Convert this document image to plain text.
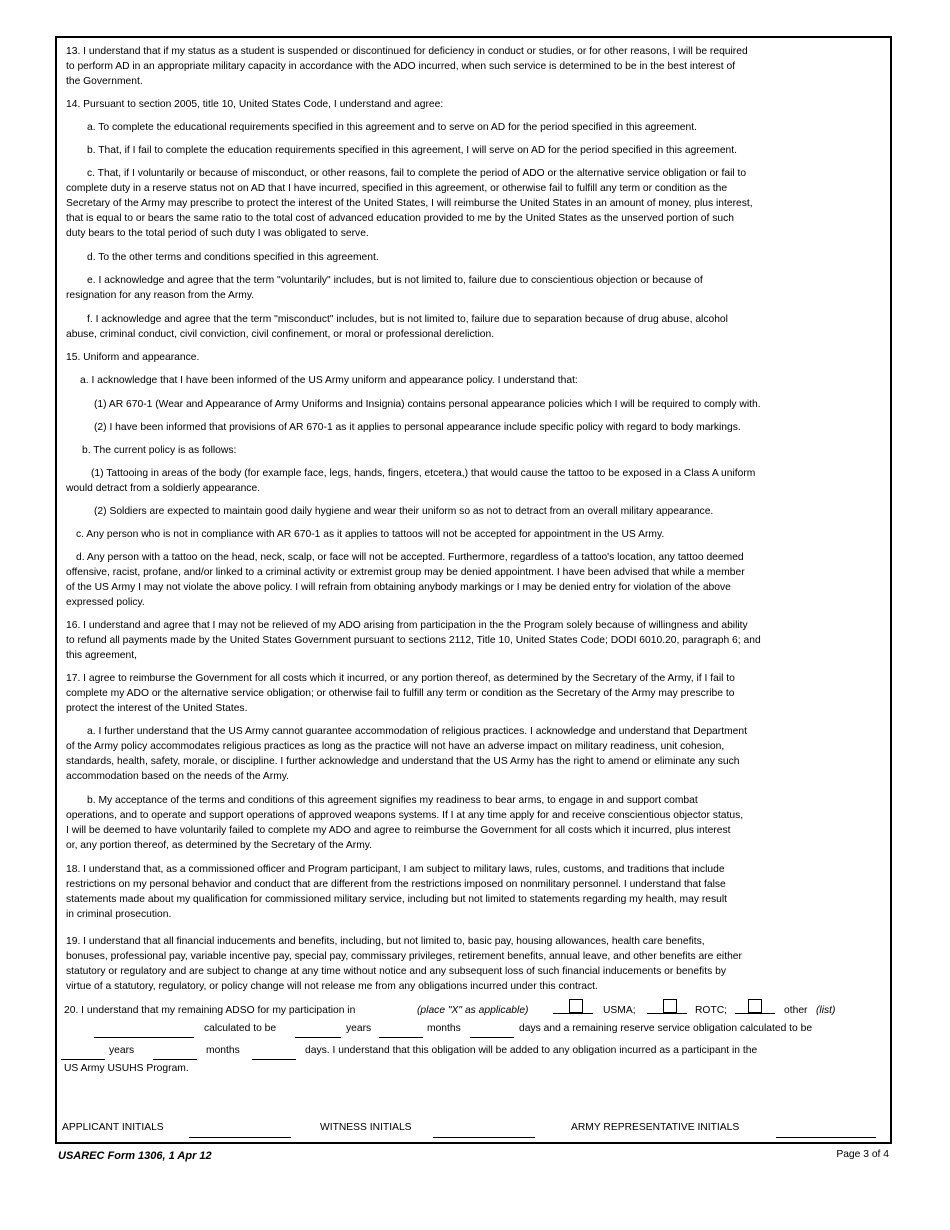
13. I understand that if my status as a student is suspended or discontinued for deficiency in conduct or studies, or for other reasons, I will be required
to perform AD in an appropriate military capacity in accordance with the ADO incurred, when such service is determined to be in the best interest of
the Government.
14. Pursuant to section 2005, title 10, United States Code, I understand and agree:
a. To complete the educational requirements specified in this agreement and to serve on AD for the period specified in this agreement.
b. That, if I fail to complete the education requirements specified in this agreement, I will serve on AD for the period specified in this agreement.
c. That, if I voluntarily or because of misconduct, or other reasons, fail to complete the period of ADO or the alternative service obligation or fail to
complete duty in a reserve status not on AD that I have incurred, specified in this agreement, or otherwise fail to fulfill any term or condition as the
Secretary of the Army may prescribe to protect the interest of the United States, I will reimburse the United States in an amount of money, plus interest,
that is equal to or bears the same ratio to the total cost of advanced education provided to me by the United States as the unserved portion of such
duty bears to the total period of such duty I was obligated to serve.
d. To the other terms and conditions specified in this agreement.
e. I acknowledge and agree that the term "voluntarily" includes, but is not limited to, failure due to conscientious objection or because of
resignation for any reason from the Army.
f. I acknowledge and agree that the term "misconduct" includes, but is not limited to, failure due to separation because of drug abuse, alcohol
abuse, criminal conduct, civil conviction, civil confinement, or moral or professional dereliction.
15. Uniform and appearance.
a. I acknowledge that I have been informed of the US Army uniform and appearance policy. I understand that:
(1) AR 670-1 (Wear and Appearance of Army Uniforms and Insignia) contains personal appearance policies which I will be required to comply with.
(2) I have been informed that provisions of AR 670-1 as it applies to personal appearance include specific policy with regard to body markings.
b. The current policy is as follows:
(1) Tattooing in areas of the body (for example face, legs, hands, fingers, etcetera,) that would cause the tattoo to be exposed in a Class A uniform
would detract from a soldierly appearance.
(2) Soldiers are expected to maintain good daily hygiene and wear their uniform so as not to detract from an overall military appearance.
c. Any person who is not in compliance with AR 670-1 as it applies to tattoos will not be accepted for appointment in the US Army.
d. Any person with a tattoo on the head, neck, scalp, or face will not be accepted. Furthermore, regardless of a tattoo's location, any tattoo deemed
offensive, racist, profane, and/or linked to a criminal activity or extremist group may be denied appointment. I have been advised that while a member
of the US Army I may not violate the above policy. I will refrain from obtaining anybody markings or I may be denied entry for violation of the above
expressed policy.
16. I understand and agree that I may not be relieved of my ADO arising from participation in the the Program solely because of willingness and ability
to refund all payments made by the United States Government pursuant to sections 2112, Title 10, United States Code; DODI 6010.20, paragraph 6; and
this agreement,
17. I agree to reimburse the Government for all costs which it incurred, or any portion thereof, as determined by the Secretary of the Army, if I fail to
complete my ADO or the alternative service obligation; or otherwise fail to fulfill any term or condition as the Secretary of the Army may prescribe to
protect the interest of the United States.
a. I further understand that the US Army cannot guarantee accommodation of religious practices. I acknowledge and understand that Department
of the Army policy accommodates religious practices as long as the practice will not have an adverse impact on military readiness, unit cohesion,
standards, health, safety, morale, or discipline. I further acknowledge and understand that the US Army has the right to amend or eliminate any such
accommodation based on the needs of the Army.
b. My acceptance of the terms and conditions of this agreement signifies my readiness to bear arms, to engage in and support combat
operations, and to operate and support operations of approved weapons systems. If I at any time apply for and receive conscientious objector status,
I will be deemed to have voluntarily failed to complete my ADO and agree to reimburse the Government for all costs which it incurred, plus interest
or, any portion thereof, as determined by the Secretary of the Army.
18. I understand that, as a commissioned officer and Program participant, I am subject to military laws, rules, customs, and traditions that include
restrictions on my personal behavior and conduct that are different from the restrictions imposed on nonmilitary personnel. I understand that false
statements made about my qualification for commissioned military service, including but not limited to statements regarding my health, may result
in criminal prosecution.
19. I understand that all financial inducements and benefits, including, but not limited to, basic pay, housing allowances, health care benefits,
bonuses, professional pay, variable incentive pay, special pay, commissary privileges, retirement benefits, annual leave, and other benefits are either
statutory or regulatory and are subject to change at any time without notice and any subsequent loss of such financial inducements or benefits by
virtue of a statutory, regulatory, or policy change will not release me from any obligations incurred under this contract.
20. I understand that my remaining ADSO for my participation in	(place "X" as applicable)	USMA;	ROTC;	other (list)
calculated to be	years	months	days and a remaining reserve service obligation calculated to be
years	months	days. I understand that this obligation will be added to any obligation incurred as a participant in the
US Army USUHS Program.
APPLICANT INITIALS	WITNESS INITIALS	ARMY REPRESENTATIVE INITIALS
USAREC Form 1306, 1 Apr 12	Page 3 of 4
